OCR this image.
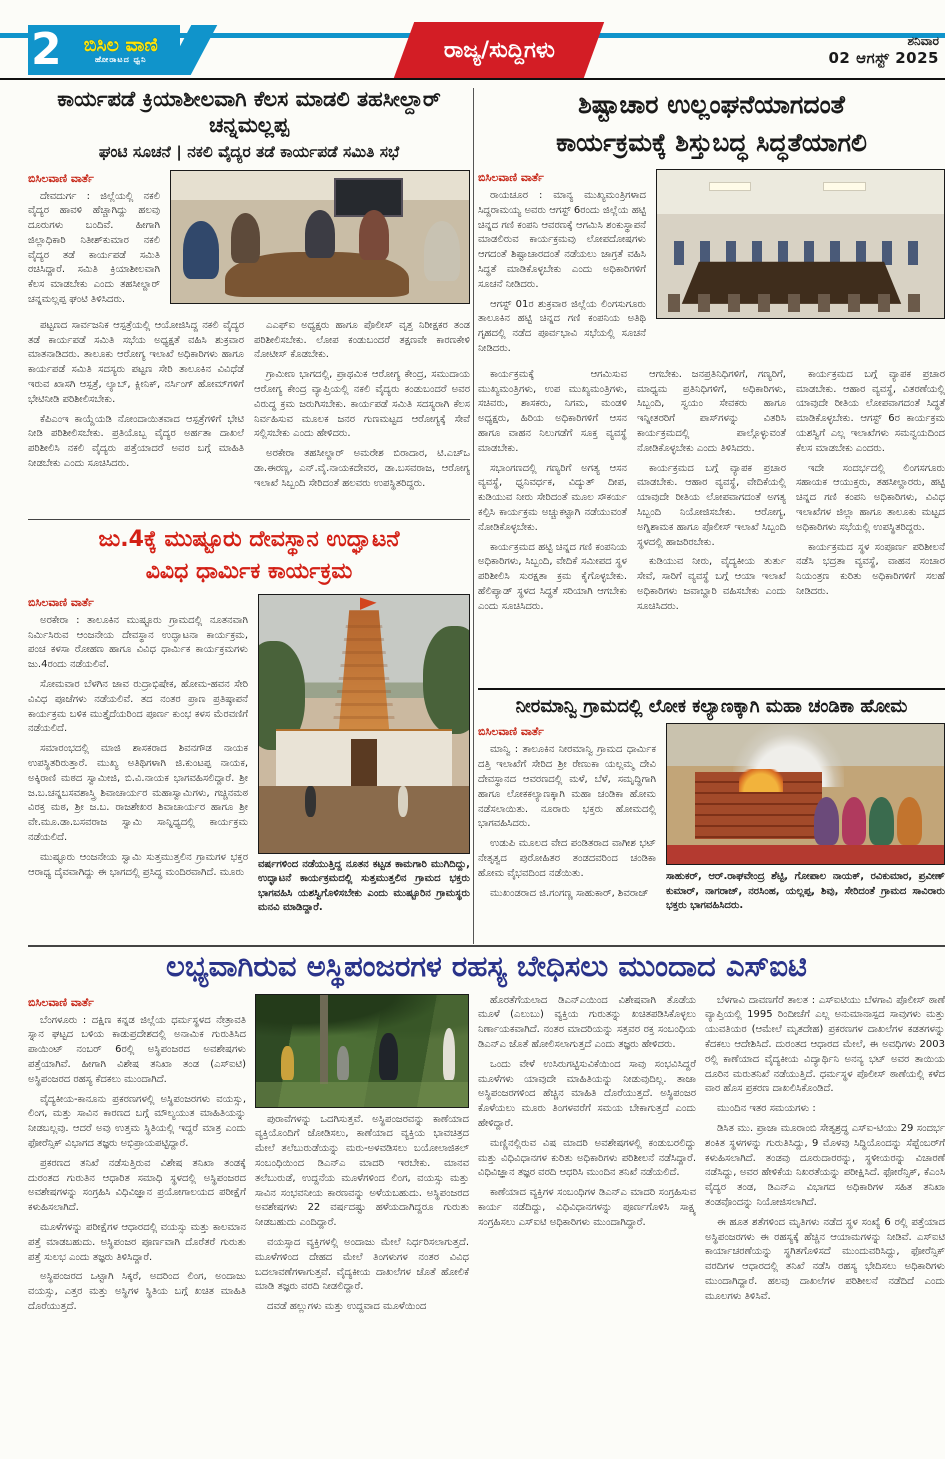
2	ಬಿಸಿಲ ವಾಣಿ
ಹೋರಾಟದ ಧ್ವನಿ	ರಾಜ್ಯ/ಸುದ್ದಿಗಳು	ಶನಿವಾರ
02 ಆಗಸ್ಟ್ 2025
ಕಾರ್ಯಪಡೆ ಕ್ರಿಯಾಶೀಲವಾಗಿ ಕೆಲಸ ಮಾಡಲಿ ತಹಸೀಲ್ದಾರ್ ಚನ್ನಮಲ್ಲಪ್ಪ
ಘಂಟಿ ಸೂಚನೆ | ನಕಲಿ ವೈದ್ಯರ ತಡೆ ಕಾರ್ಯಪಡೆ ಸಮಿತಿ ಸಭೆ
ಬಿಸಿಲವಾಣಿ ವಾರ್ತೆ

ದೇವದುರ್ಗ : ಜಿಲ್ಲೆಯಲ್ಲಿ ನಕಲಿ ವೈದ್ಯರ ಹಾವಳಿ ಹೆಚ್ಚಾಗಿದ್ದು ಹಲವು ದೂರುಗಳು ಬಂದಿವೆ. ಹೀಗಾಗಿ ಜಿಲ್ಲಾಧಿಕಾರಿ ನಿತೀಶ್‌ಕುಮಾರ ನಕಲಿ ವೈದ್ಯರ ತಡೆ ಕಾರ್ಯಪಡೆ ಸಮಿತಿ ರಚಿಸಿದ್ದಾರೆ. ಸಮಿತಿ ಕ್ರಿಯಾಶೀಲವಾಗಿ ಕೆಲಸ ಮಾಡಬೇಕು ಎಂದು ತಹಸೀಲ್ದಾರ್ ಚನ್ನಮಲ್ಲಪ್ಪ ಘಂಟಿ ತಿಳಿಸಿದರು.

ಪಟ್ಟಣದ ಸಾರ್ವಜನಿಕ ಆಸ್ಪತ್ರೆಯಲ್ಲಿ ಆಯೋಜಿಸಿದ್ದ ನಕಲಿ ವೈದ್ಯರ ತಡೆ ಕಾರ್ಯಪಡೆ ಸಮಿತಿ ಸಭೆಯ ಅಧ್ಯಕ್ಷತೆ ವಹಿಸಿ ಶುಕ್ರವಾರ ಮಾತನಾಡಿದರು. ತಾಲೂಕು ಆರೋಗ್ಯ ಇಲಾಖೆ ಅಧಿಕಾರಿಗಳು ಹಾಗೂ ಕಾರ್ಯಪಡೆ ಸಮಿತಿ ಸದಸ್ಯರು ಪಟ್ಟಣ ಸೇರಿ ತಾಲೂಕಿನ ವಿವಿಧೆಡೆ ಇರುವ ಖಾಸಗಿ ಆಸ್ಪತ್ರೆ, ಲ್ಯಾಬ್, ಕ್ಲೀನಿಕ್, ನರ್ಸಿಂಗ್ ಹೋಮ್‌ಗಳಿಗೆ ಭೇಟಿನೀಡಿ ಪರಿಶೀಲಿಸಬೇಕು.

ಕೆಪಿಎಂಇ ಕಾಯ್ದೆಯಡಿ ನೋಂದಾಯಿತವಾದ ಆಸ್ಪತ್ರೆಗಳಿಗೆ ಭೇಟಿ ನೀಡಿ ಪರಿಶೀಲಿಸಬೇಕು. ಪ್ರತಿಯೊಬ್ಬ ವೈದ್ಯರ ಅರ್ಹತಾ ದಾಖಲೆ ಪರಿಶೀಲಿಸಿ ನಕಲಿ ವೈದ್ಯರು ಪತ್ತೆಯಾದರೆ ಅವರ ಬಗ್ಗೆ ಮಾಹಿತಿ ನೀಡಬೇಕು ಎಂದು ಸೂಚಿಸಿದರು.

ಎಎಫ್‌ಐ ಅಧ್ಯಕ್ಷರು ಹಾಗೂ ಪೊಲೀಸ್ ವೃತ್ತ ನಿರೀಕ್ಷಕರ ತಂಡ ಪರಿಶೀಲಿಸಬೇಕು. ಲೋಪ ಕಂಡುಬಂದರೆ ತಕ್ಷಣವೇ ಕಾರಣಕೇಳಿ ನೋಟೀಸ್ ಕೊಡಬೇಕು.

ಗ್ರಾಮೀಣ ಭಾಗದಲ್ಲಿ, ಪ್ರಾಥಮಿಕ ಆರೋಗ್ಯ ಕೇಂದ್ರ, ಸಮುದಾಯ ಆರೋಗ್ಯ ಕೇಂದ್ರ ವ್ಯಾಪ್ತಿಯಲ್ಲಿ ನಕಲಿ ವೈದ್ಯರು ಕಂಡುಬಂದರೆ ಅವರ ವಿರುದ್ಧ ಕ್ರಮ ಜರುಗಿಸಬೇಕು. ಕಾರ್ಯಪಡೆ ಸಮಿತಿ ಸದಸ್ಯರಾಗಿ ಕೆಲಸ ನಿರ್ವಹಿಸುವ ಮೂಲಕ ಜನರ ಗುಣಮಟ್ಟದ ಆರೋಗ್ಯಕ್ಕೆ ಸೇವೆ ಸಲ್ಲಿಸಬೇಕು ಎಂದು ಹೇಳಿದರು.

ಅರಕೇರಾ ತಹಸೀಲ್ದಾರ್ ಅಮರೇಶ ಬಿರಾದಾರ, ಟಿ.ಎಚ್‌ಒ ಡಾ.ಈರಣ್ಣ, ಎನ್.ವೈ.ನಾಯಕದೇವರ, ಡಾ.ಬಸವರಾಜ, ಆರೋಗ್ಯ ಇಲಾಖೆ ಸಿಬ್ಬಂದಿ ಸೇರಿದಂತೆ ಹಲವರು ಉಪಸ್ಥಿತರಿದ್ದರು.

ಶಿಷ್ಟಾಚಾರ ಉಲ್ಲಂಘನೆಯಾಗದಂತೆ
ಕಾರ್ಯಕ್ರಮಕ್ಕೆ ಶಿಸ್ತುಬದ್ಧ ಸಿದ್ಧತೆಯಾಗಲಿ
ಬಿಸಿಲವಾಣಿ ವಾರ್ತೆ

ರಾಯಚೂರ : ಮಾನ್ಯ ಮುಖ್ಯಮಂತ್ರಿಗಳಾದ ಸಿದ್ದರಾಮಯ್ಯ ಅವರು ಆಗಸ್ಟ್ 6ರಂದು ಜಿಲ್ಲೆಯ ಹಟ್ಟಿ ಚಿನ್ನದ ಗಣಿ ಕಂಪನಿ ಆವರಣಕ್ಕೆ ಆಗಮಿಸಿ ಶಂಕುಸ್ಥಾಪನೆ ಮಾಡಲಿರುವ ಕಾರ್ಯಕ್ರಮವು ಲೋಪದೋಷಗಳು ಆಗದಂತೆ ಶಿಷ್ಟಾಚಾರದಂತೆ ನಡೆಯಲು ಜಾಗ್ರತೆ ವಹಿಸಿ ಸಿದ್ಧತೆ ಮಾಡಿಕೊಳ್ಳಬೇಕು ಎಂದು ಅಧಿಕಾರಿಗಳಿಗೆ ಸೂಚನೆ ನೀಡಿದರು.

ಆಗಸ್ಟ್ 01ರ ಶುಕ್ರವಾರ ಜಿಲ್ಲೆಯ ಲಿಂಗಸುಗೂರು ತಾಲೂಕಿನ ಹಟ್ಟಿ ಚಿನ್ನದ ಗಣಿ ಕಂಪನಿಯ ಅತಿಥಿ ಗೃಹದಲ್ಲಿ ನಡೆದ ಪೂರ್ವಭಾವಿ ಸಭೆಯಲ್ಲಿ ಸೂಚನೆ ನೀಡಿದರು.

ಕಾರ್ಯಕ್ರಮಕ್ಕೆ ಆಗಮಿಸುವ ಮುಖ್ಯಮಂತ್ರಿಗಳು, ಉಪ ಮುಖ್ಯಮಂತ್ರಿಗಳು, ಸಚಿವರು, ಶಾಸಕರು, ನಿಗಮ, ಮಂಡಳಿ ಅಧ್ಯಕ್ಷರು, ಹಿರಿಯ ಅಧಿಕಾರಿಗಳಿಗೆ ಆಸನ ಹಾಗೂ ವಾಹನ ನಿಲುಗಡೆಗೆ ಸೂಕ್ತ ವ್ಯವಸ್ಥೆ ಮಾಡಬೇಕು.

ಸಭಾಂಗಣದಲ್ಲಿ ಗಣ್ಯರಿಗೆ ಅಗತ್ಯ ಆಸನ ವ್ಯವಸ್ಥೆ, ಧ್ವನಿವರ್ಧಕ, ವಿದ್ಯುತ್ ದೀಪ, ಕುಡಿಯುವ ನೀರು ಸೇರಿದಂತೆ ಮೂಲ ಸೌಕರ್ಯ ಕಲ್ಪಿಸಿ ಕಾರ್ಯಕ್ರಮ ಅಚ್ಚುಕಟ್ಟಾಗಿ ನಡೆಯುವಂತೆ ನೋಡಿಕೊಳ್ಳಬೇಕು.

ಕಾರ್ಯಕ್ರಮದ ಹಟ್ಟಿ ಚಿನ್ನದ ಗಣಿ ಕಂಪನಿಯ ಅಧಿಕಾರಿಗಳು, ಸಿಬ್ಬಂದಿ, ವೇದಿಕೆ ಸಮೀಪದ ಸ್ಥಳ ಪರಿಶೀಲಿಸಿ ಸುರಕ್ಷತಾ ಕ್ರಮ ಕೈಗೊಳ್ಳಬೇಕು. ಹೆಲಿಪ್ಯಾಡ್ ಸ್ಥಳದ ಸಿದ್ಧತೆ ಸರಿಯಾಗಿ ಆಗಬೇಕು ಎಂದು ಸೂಚಿಸಿದರು.

ಆಗಬೇಕು. ಜನಪ್ರತಿನಿಧಿಗಳಿಗೆ, ಗಣ್ಯರಿಗೆ, ಮಾಧ್ಯಮ ಪ್ರತಿನಿಧಿಗಳಿಗೆ, ಅಧಿಕಾರಿಗಳು, ಸಿಬ್ಬಂದಿ, ಸ್ವಯಂ ಸೇವಕರು ಹಾಗೂ ಇನ್ನೀತರರಿಗೆ ಪಾಸ್‌ಗಳನ್ನು ವಿತರಿಸಿ ಕಾರ್ಯಕ್ರಮದಲ್ಲಿ ಪಾಲ್ಗೊಳ್ಳುವಂತೆ ನೋಡಿಕೊಳ್ಳಬೇಕು ಎಂದು ತಿಳಿಸಿದರು.

ಕಾರ್ಯಕ್ರಮದ ಬಗ್ಗೆ ವ್ಯಾಪಕ ಪ್ರಚಾರ ಮಾಡಬೇಕು. ಆಹಾರ ವ್ಯವಸ್ಥೆ, ವೇದಿಕೆಯಲ್ಲಿ ಯಾವುದೇ ರೀತಿಯ ಲೋಪವಾಗದಂತೆ ಅಗತ್ಯ ಸಿಬ್ಬಂದಿ ನಿಯೋಜಿಸಬೇಕು. ಆರೋಗ್ಯ, ಅಗ್ನಿಶಾಮಕ ಹಾಗೂ ಪೊಲೀಸ್ ಇಲಾಖೆ ಸಿಬ್ಬಂದಿ ಸ್ಥಳದಲ್ಲಿ ಹಾಜರಿರಬೇಕು.

ಕುಡಿಯುವ ನೀರು, ವೈದ್ಯಕೀಯ ತುರ್ತು ಸೇವೆ, ಸಾರಿಗೆ ವ್ಯವಸ್ಥೆ ಬಗ್ಗೆ ಆಯಾ ಇಲಾಖೆ ಅಧಿಕಾರಿಗಳು ಜವಾಬ್ದಾರಿ ವಹಿಸಬೇಕು ಎಂದು ಸೂಚಿಸಿದರು.

ಕಾರ್ಯಕ್ರಮದ ಬಗ್ಗೆ ವ್ಯಾಪಕ ಪ್ರಚಾರ ಮಾಡಬೇಕು. ಆಹಾರ ವ್ಯವಸ್ಥೆ, ವಿತರಣೆಯಲ್ಲಿ ಯಾವುದೇ ರೀತಿಯ ಲೋಪವಾಗದಂತೆ ಸಿದ್ಧತೆ ಮಾಡಿಕೊಳ್ಳಬೇಕು. ಆಗಸ್ಟ್ 6ರ ಕಾರ್ಯಕ್ರಮ ಯಶಸ್ವಿಗೆ ಎಲ್ಲ ಇಲಾಖೆಗಳು ಸಮನ್ವಯದಿಂದ ಕೆಲಸ ಮಾಡಬೇಕು ಎಂದರು.

ಇದೇ ಸಂದರ್ಭದಲ್ಲಿ ಲಿಂಗಸಗೂರು ಸಹಾಯಕ ಆಯುಕ್ತರು, ತಹಸೀಲ್ದಾರರು, ಹಟ್ಟಿ ಚಿನ್ನದ ಗಣಿ ಕಂಪನಿ ಅಧಿಕಾರಿಗಳು, ವಿವಿಧ ಇಲಾಖೆಗಳ ಜಿಲ್ಲಾ ಹಾಗೂ ತಾಲೂಕು ಮಟ್ಟದ ಅಧಿಕಾರಿಗಳು ಸಭೆಯಲ್ಲಿ ಉಪಸ್ಥಿತರಿದ್ದರು.

ಕಾರ್ಯಕ್ರಮದ ಸ್ಥಳ ಸಂಪೂರ್ಣ ಪರಿಶೀಲನೆ ನಡೆಸಿ ಭದ್ರತಾ ವ್ಯವಸ್ಥೆ, ವಾಹನ ಸಂಚಾರ ನಿಯಂತ್ರಣ ಕುರಿತು ಅಧಿಕಾರಿಗಳಿಗೆ ಸಲಹೆ ನೀಡಿದರು.

ಜು.4ಕ್ಕೆ ಮುಷ್ಟೂರು ದೇವಸ್ಥಾನ ಉದ್ಘಾಟನೆ
ವಿವಿಧ ಧಾರ್ಮಿಕ ಕಾರ್ಯಕ್ರಮ
ಬಿಸಿಲವಾಣಿ ವಾರ್ತೆ

ಅರಕೇರಾ : ತಾಲೂಕಿನ ಮುಷ್ಟೂರು ಗ್ರಾಮದಲ್ಲಿ ನೂತನವಾಗಿ ನಿರ್ಮಿಸಿರುವ ಆಂಜನೇಯ ದೇವಸ್ಥಾನ ಉದ್ಘಾಟನಾ ಕಾರ್ಯಕ್ರಮ, ಪಂಚ ಕಳಸಾ ರೋಹಣ ಹಾಗೂ ವಿವಿಧ ಧಾರ್ಮಿಕ ಕಾರ್ಯಕ್ರಮಗಳು ಜು.4ರಂದು ನಡೆಯಲಿವೆ.

ಸೋಮವಾರ ಬೆಳಗಿನ ಜಾವ ರುದ್ರಾಭಿಷೇಕ, ಹೋಮ-ಹವನ ಸೇರಿ ವಿವಿಧ ಪೂಜೆಗಳು ನಡೆಯಲಿವೆ. ತದ ನಂತರ ಪ್ರಾಣ ಪ್ರತಿಷ್ಠಾಪನೆ ಕಾರ್ಯಕ್ರಮ ಬಳಿಕ ಮುತ್ತೈದೆಯರಿಂದ ಪೂರ್ಣ ಕುಂಭ ಕಳಸ ಮೆರವಣಿಗೆ ನಡೆಯಲಿದೆ.

ಸಮಾರಂಭದಲ್ಲಿ ಮಾಜಿ ಶಾಸಕರಾದ ಶಿವನಗೌಡ ನಾಯಕ ಉಪಸ್ಥಿತರಿರುತ್ತಾರೆ. ಮುಖ್ಯ ಅತಿಥಿಗಳಾಗಿ ಜಿ.ಕುಂಟಪ್ಪ ನಾಯಕ, ಅಕ್ಕಿರಾಣಿ ಮಠದ ಸ್ವಾಮೀಜಿ, ಬಿ.ವಿ.ನಾಯಕ ಭಾಗವಹಿಸಲಿದ್ದಾರೆ. ಶ್ರೀ ಜ.ಬ.ಚನ್ನಬಸವಶಾಸ್ತ್ರಿ ಶಿವಾಚಾರ್ಯರ ಮಹಾಸ್ವಾಮಿಗಳು, ಗಚ್ಚಿನಮಠ ವಿರಕ್ತ ಮಠ, ಶ್ರೀ ಜ.ಬ. ರಾಜಶೇಖರ ಶಿವಾಚಾರ್ಯರ ಹಾಗೂ ಶ್ರೀ ವೇ.ಮೂ.ಡಾ.ಬಸವರಾಜ ಸ್ವಾಮಿ ಸಾನ್ನಿಧ್ಯದಲ್ಲಿ ಕಾರ್ಯಕ್ರಮ ನಡೆಯಲಿದೆ.

ಮುಷ್ಟೂರು ಆಂಜನೇಯ ಸ್ವಾಮಿ ಸುತ್ತಮುತ್ತಲಿನ ಗ್ರಾಮಗಳ ಭಕ್ತರ ಆರಾಧ್ಯ ದೈವವಾಗಿದ್ದು ಈ ಭಾಗದಲ್ಲಿ ಪ್ರಸಿದ್ಧ ಮಂದಿರವಾಗಿದೆ. ಮೂರು

ವರ್ಷಗಳಿಂದ ನಡೆಯುತ್ತಿದ್ದ ನೂತನ ಕಟ್ಟಡ ಕಾಮಗಾರಿ ಮುಗಿದಿದ್ದು, ಉದ್ಘಾಟನೆ ಕಾರ್ಯಕ್ರಮದಲ್ಲಿ ಸುತ್ತಮುತ್ತಲಿನ ಗ್ರಾಮದ ಭಕ್ತರು ಭಾಗವಹಿಸಿ ಯಶಸ್ವಿಗೊಳಿಸಬೇಕು ಎಂದು ಮುಷ್ಟೂರಿನ ಗ್ರಾಮಸ್ಥರು ಮನವಿ ಮಾಡಿದ್ದಾರೆ.
ನೀರಮಾನ್ವಿ ಗ್ರಾಮದಲ್ಲಿ ಲೋಕ ಕಲ್ಯಾಣಕ್ಕಾಗಿ ಮಹಾ ಚಂಡಿಕಾ ಹೋಮ
ಬಿಸಿಲವಾಣಿ ವಾರ್ತೆ

ಮಾನ್ವಿ : ತಾಲೂಕಿನ ನೀರಮಾನ್ವಿ ಗ್ರಾಮದ ಧಾರ್ಮಿಕ ದತ್ತಿ ಇಲಾಖೆಗೆ ಸೇರಿದ ಶ್ರೀ ರೇಣುಕಾ ಯಲ್ಲಮ್ಮ ದೇವಿ ದೇವಸ್ಥಾನದ ಆವರಣದಲ್ಲಿ ಮಳೆ, ಬೆಳೆ, ಸಮೃದ್ಧಿಗಾಗಿ ಹಾಗೂ ಲೋಕಕಲ್ಯಾಣಕ್ಕಾಗಿ ಮಹಾ ಚಂಡಿಕಾ ಹೋಮ ನಡೆಸಲಾಯಿತು. ನೂರಾರು ಭಕ್ತರು ಹೋಮದಲ್ಲಿ ಭಾಗವಹಿಸಿದರು.

ಉಡುಪಿ ಮೂಲದ ವೇದ ಪಂಡಿತರಾದ ವಾಗೀಶ ಭಟ್ ನೇತೃತ್ವದ ಪುರೋಹಿತರ ತಂಡದವರಿಂದ ಚಂಡಿಕಾ ಹೋಮ ವೈಭವದಿಂದ ನಡೆಯಿತು.

ಮುಖಂಡರಾದ ಜಿ.ಗಂಗಣ್ಣ ಸಾಹುಕಾರ್, ಶಿವರಾಜ್

ಸಾಹುಕರ್, ಆರ್.ರಾಘವೇಂದ್ರ ಶೆಟ್ಟಿ, ಗೋಪಾಲ ನಾಯಕ್, ರವಿಕುಮಾರ, ಪ್ರವೀಣ್ ಕುಮಾರ್, ನಾಗರಾಜ್, ನರಸಿಂಹ, ಯಲ್ಲಪ್ಪ, ಶಿವು, ಸೇರಿದಂತೆ ಗ್ರಾಮದ ಸಾವಿರಾರು ಭಕ್ತರು ಭಾಗವಹಿಸಿದರು.
ಲಭ್ಯವಾಗಿರುವ ಅಸ್ಥಿಪಂಜರಗಳ ರಹಸ್ಯ ಬೇಧಿಸಲು ಮುಂದಾದ ಎಸ್‌ಐಟಿ
ಬಿಸಿಲವಾಣಿ ವಾರ್ತೆ

ಬೆಂಗಳೂರು : ದಕ್ಷಿಣ ಕನ್ನಡ ಜಿಲ್ಲೆಯ ಧರ್ಮಸ್ಥಳದ ನೇತ್ರಾವತಿ ಸ್ನಾನ ಘಟ್ಟದ ಬಳಿಯ ಕಾಡುಪ್ರದೇಶದಲ್ಲಿ ಅನಾಮಿಕ ಗುರುತಿಸಿದ ಪಾಯಿಂಟ್ ನಂಬರ್ 6ರಲ್ಲಿ ಅಸ್ಥಿಪಂಜರದ ಅವಶೇಷಗಳು ಪತ್ತೆಯಾಗಿವೆ. ಹೀಗಾಗಿ ವಿಶೇಷ ತನಿಖಾ ತಂಡ (ಎಸ್‌ಐಟಿ) ಅಸ್ಥಿಪಂಜರದ ರಹಸ್ಯ ಕೆದಕಲು ಮುಂದಾಗಿದೆ.

ವೈದ್ಯಕೀಯ-ಕಾನೂನು ಪ್ರಕರಣಗಳಲ್ಲಿ ಅಸ್ಥಿಪಂಜರಗಳು ವಯಸ್ಸು, ಲಿಂಗ, ಮತ್ತು ಸಾವಿನ ಕಾರಣದ ಬಗ್ಗೆ ಮೌಲ್ಯಯುತ ಮಾಹಿತಿಯನ್ನು ನೀಡಬಲ್ಲವು. ಆದರೆ ಅವು ಉತ್ತಮ ಸ್ಥಿತಿಯಲ್ಲಿ ಇದ್ದರೆ ಮಾತ್ರ ಎಂದು ಫೋರೆನ್ಸಿಕ್ ವಿಭಾಗದ ತಜ್ಞರು ಅಭಿಪ್ರಾಯಪಟ್ಟಿದ್ದಾರೆ.

ಪ್ರಕರಣದ ತನಿಖೆ ನಡೆಸುತ್ತಿರುವ ವಿಶೇಷ ತನಿಖಾ ತಂಡಕ್ಕೆ ದುರಂತದ ಗುರುತಿನ ಆಧಾರಿತ ಸಮಾಧಿ ಸ್ಥಳದಲ್ಲಿ ಅಸ್ಥಿಪಂಜರದ ಅವಶೇಷಗಳನ್ನು ಸಂಗ್ರಹಿಸಿ ವಿಧಿವಿಜ್ಞಾನ ಪ್ರಯೋಗಾಲಯದ ಪರೀಕ್ಷೆಗೆ ಕಳುಹಿಸಲಾಗಿದೆ.

ಮೂಳೆಗಳನ್ನು ಪರೀಕ್ಷೆಗಳ ಆಧಾರದಲ್ಲಿ ವಯಸ್ಸು ಮತ್ತು ಕಾಲಮಾನ ಪತ್ತೆ ಮಾಡಬಹುದು. ಅಸ್ಥಿಪಂಜರ ಪೂರ್ಣವಾಗಿ ದೊರೆತರೆ ಗುರುತು ಪತ್ತೆ ಸುಲಭ ಎಂದು ತಜ್ಞರು ತಿಳಿಸಿದ್ದಾರೆ.

ಅಸ್ಥಿಪಂಜರದ ಒಟ್ಟಾಗಿ ಸಿಕ್ಕರೆ, ಅದರಿಂದ ಲಿಂಗ, ಅಂದಾಜು ವಯಸ್ಸು, ಎತ್ತರ ಮತ್ತು ಅಸ್ಥಿಗಳ ಸ್ಥಿತಿಯ ಬಗ್ಗೆ ಖಚಿತ ಮಾಹಿತಿ ದೊರೆಯುತ್ತದೆ.

ಪುರಾವೆಗಳನ್ನು ಒದಗಿಸುತ್ತವೆ. ಅಸ್ಥಿಪಂಜರವನ್ನು ಕಾಣೆಯಾದ ವ್ಯಕ್ತಿಯೊಂದಿಗೆ ಜೋಡಿಸಲು, ಕಾಣೆಯಾದ ವ್ಯಕ್ತಿಯ ಭಾವಚಿತ್ರದ ಮೇಲೆ ತಲೆಬುರುಡೆಯನ್ನು ಮರು-ಅಳವಡಿಸಲು ಬಯೋಲಾಜಿಕಲ್ ಸಂಬಂಧಿಯಿಂದ ಡಿಎನ್‌ಎ ಮಾದರಿ ಇರಬೇಕು. ಮಾನವ ತಲೆಬುರುಡೆ, ಉದ್ದನೆಯ ಮೂಳೆಗಳಿಂದ ಲಿಂಗ, ವಯಸ್ಸು ಮತ್ತು ಸಾವಿನ ಸಂಭವನೀಯ ಕಾರಣವನ್ನು ಅಳೆಯಬಹುದು. ಅಸ್ಥಿಪಂಜರದ ಅವಶೇಷಗಳು 22 ವರ್ಷದಷ್ಟು ಹಳೆಯದಾಗಿದ್ದರೂ ಗುರುತು ನೀಡಬಹುದು ಎಂದಿದ್ದಾರೆ.

ವಯಸ್ಸಾದ ವ್ಯಕ್ತಿಗಳಲ್ಲಿ ಅಂದಾಜು ಮೇಲೆ ನಿರ್ಧರಿಸಲಾಗುತ್ತದೆ. ಮೂಳೆಗಳಿಂದ ದೇಹದ ಮೇಲೆ ತಿಂಗಳುಗಳ ನಂತರ ವಿವಿಧ ಬದಲಾವಣೆಗಳಾಗುತ್ತವೆ. ವೈದ್ಯಕೀಯ ದಾಖಲೆಗಳ ಜೊತೆ ಹೋಲಿಕೆ ಮಾಡಿ ತಜ್ಞರು ವರದಿ ನೀಡಲಿದ್ದಾರೆ.

ದವಡೆ ಹಲ್ಲುಗಳು ಮತ್ತು ಉದ್ದವಾದ ಮೂಳೆಯಿಂದ

ಹೊರತೆಗೆಯಲಾದ ಡಿಎನ್‌ಎಯಿಂದ ವಿಶೇಷವಾಗಿ ತೊಡೆಯ ಮೂಳೆ (ಎಲುಬು) ವ್ಯಕ್ತಿಯ ಗುರುತನ್ನು ಖಚಿತಪಡಿಸಿಕೊಳ್ಳಲು ನಿರ್ಣಾಯಕವಾಗಿದೆ. ನಂತರ ಮಾದರಿಯನ್ನು ಸತ್ತವರ ರಕ್ತ ಸಂಬಂಧಿಯ ಡಿಎನ್‌ಎ ಜೊತೆ ಹೋಲಿಸಲಾಗುತ್ತದೆ ಎಂದು ತಜ್ಞರು ಹೇಳಿದರು.

ಒಂದು ವೇಳೆ ಉಸಿರುಗಟ್ಟಿಸುವಿಕೆಯಿಂದ ಸಾವು ಸಂಭವಿಸಿದ್ದರೆ ಮೂಳೆಗಳು ಯಾವುದೇ ಮಾಹಿತಿಯನ್ನು ನೀಡುವುದಿಲ್ಲ. ತಾಜಾ ಅಸ್ಥಿಪಂಜರಗಳಿಂದ ಹೆಚ್ಚಿನ ಮಾಹಿತಿ ದೊರೆಯುತ್ತದೆ. ಅಸ್ಥಿಪಂಜರ ಕೊಳೆಯಲು ಮೂರು ತಿಂಗಳವರೆಗೆ ಸಮಯ ಬೇಕಾಗುತ್ತದೆ ಎಂದು ಹೇಳಿದ್ದಾರೆ.

ಮಣ್ಣಿನಲ್ಲಿರುವ ವಿಷ ಮಾದರಿ ಅವಶೇಷಗಳಲ್ಲಿ ಕಂಡುಬರಲಿದ್ದು ಮತ್ತು ವಿಧಿವಿಧಾನಗಳ ಕುರಿತು ಅಧಿಕಾರಿಗಳು ಪರಿಶೀಲನೆ ನಡೆಸಿದ್ದಾರೆ. ವಿಧಿವಿಜ್ಞಾನ ತಜ್ಞರ ವರದಿ ಆಧರಿಸಿ ಮುಂದಿನ ತನಿಖೆ ನಡೆಯಲಿದೆ.

ಕಾಣೆಯಾದ ವ್ಯಕ್ತಿಗಳ ಸಂಬಂಧಿಗಳ ಡಿಎನ್‌ಎ ಮಾದರಿ ಸಂಗ್ರಹಿಸುವ ಕಾರ್ಯ ನಡೆದಿದ್ದು, ವಿಧಿವಿಧಾನಗಳನ್ನು ಪೂರ್ಣಗೊಳಿಸಿ ಸಾಕ್ಷ್ಯ ಸಂಗ್ರಹಿಸಲು ಎಸ್‌ಐಟಿ ಅಧಿಕಾರಿಗಳು ಮುಂದಾಗಿದ್ದಾರೆ.

ಬೆಳಗಾವಿ ದಾವಣಗೆರೆ ತಾಲತ : ಎಸ್‌ಐಟಿಯು ಬೆಳಗಾವಿ ಪೊಲೀಸ್ ಠಾಣೆ ವ್ಯಾಪ್ತಿಯಲ್ಲಿ 1995 ರಿಂದೀಚೆಗೆ ಎಲ್ಲ ಅನುಮಾನಾಸ್ಪದ ಸಾವುಗಳು ಮತ್ತು ಯುವತಿಯರ (ಆಮೇಲೆ ಮೃತದೇಹ) ಪ್ರಕರಣಗಳ ದಾಖಲೆಗಳ ಕಡತಗಳನ್ನು ಕೆದಕಲು ಆದೇಶಿಸಿದೆ. ದುರಂತದ ಆಧಾರದ ಮೇಲೆ, ಈ ಅವಧಿಗಳು 2003 ರಲ್ಲಿ ಕಾಣೆಯಾದ ವೈದ್ಯಕೀಯ ವಿದ್ಯಾರ್ಥಿನಿ ಅನನ್ಯ ಭಟ್ ಅವರ ತಾಯಿಯ ದೂರಿನ ಮರುತನಿಖೆ ನಡೆಯುತ್ತಿದೆ. ಧರ್ಮಸ್ಥಳ ಪೊಲೀಸ್ ಠಾಣೆಯಲ್ಲಿ ಕಳೆದ ವಾರ ಹೊಸ ಪ್ರಕರಣ ದಾಖಲಿಸಿಕೊಂಡಿದೆ.

ಮುಂದಿನ ಇತರ ಸಮಯಗಳು :

ಡಿಸಿತ ಮು. ಪ್ರಾಜಾ ಮೂರಾಂಬಿ ಸೇತೃಶ್ರದ್ಧ ಎಸ್‌ಐ-ಟಿಯು 29 ಸಂದರ್ಭ ಶಂಕಿತ ಸ್ಥಳಗಳನ್ನು ಗುರುತಿಸಿದ್ದು, 9 ಮೊಳವು ಸಿದ್ಧಿಯೊಂದನ್ನು ಸೆಪ್ಟೆಂಬರ್‌ಗೆ ಕಳುಹಿಸಲಾಗಿದೆ. ತಂಡವು ದೂರುದಾರರನ್ನು, ಸ್ಥಳೀಯರನ್ನು ವಿಚಾರಣೆ ನಡೆಸಿದ್ದು, ಅವರ ಹೇಳಿಕೆಯ ನಿಖರತೆಯನ್ನು ಪರೀಕ್ಷಿಸಿದೆ. ಫೋರೆನ್ಸಿಕ್, ಕೆಎಂಸಿ ವೈದ್ಯರ ತಂಡ, ಡಿಎನ್‌ಎ ವಿಭಾಗದ ಅಧಿಕಾರಿಗಳ ಸಹಿತ ತನಿಖಾ ತಂಡವೊಂದನ್ನು ನಿಯೋಜಿಸಲಾಗಿದೆ.

ಈ ಹೂತ ಶತೆಗಳಿಂದ ಮೃತಿಗಳು ನಡೆದ ಸ್ಥಳ ಸಂಖ್ಯೆ 6 ರಲ್ಲಿ ಪತ್ತೆಯಾದ ಅಸ್ಥಿಪಂಜರಗಳು ಈ ರಹಸ್ಯಕ್ಕೆ ಹೆಚ್ಚಿನ ಆಯಾಮಗಳನ್ನು ನೀಡಿವೆ. ಎಸ್‌ಐಟಿ ಕಾರ್ಯಾಚರಣೆಯನ್ನು ಸ್ಥಗಿತಗೊಳಿಸದೆ ಮುಂದುವರಿಸಿದ್ದು, ಫೋರೆನ್ಸಿಕ್ ವರದಿಗಳ ಆಧಾರದಲ್ಲಿ ತನಿಖೆ ನಡೆಸಿ ರಹಸ್ಯ ಭೇದಿಸಲು ಅಧಿಕಾರಿಗಳು ಮುಂದಾಗಿದ್ದಾರೆ. ಹಲವು ದಾಖಲೆಗಳ ಪರಿಶೀಲನೆ ನಡೆದಿದೆ ಎಂದು ಮೂಲಗಳು ತಿಳಿಸಿವೆ.
